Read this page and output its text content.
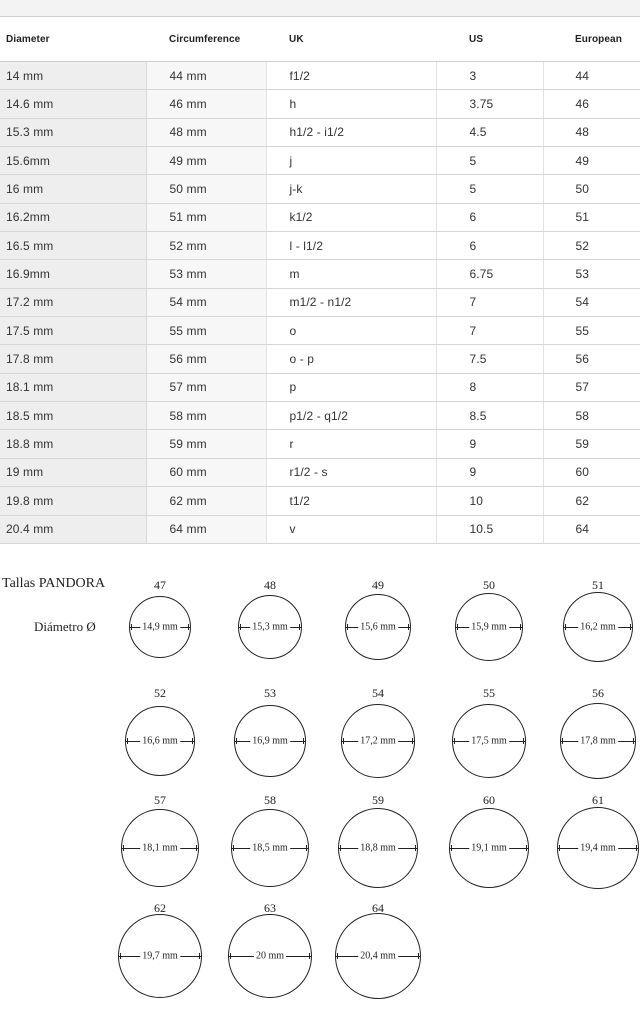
Diameter	Circumference	UK	US	European
14 mm	44 mm	f1/2	3	44
14.6 mm	46 mm	h	3.75	46
15.3 mm	48 mm	h1/2 - i1/2	4.5	48
15.6mm	49 mm	j	5	49
16 mm	50 mm	j-k	5	50
16.2mm	51 mm	k1/2	6	51
16.5 mm	52 mm	l - l1/2	6	52
16.9mm	53 mm	m	6.75	53
17.2 mm	54 mm	m1/2 - n1/2	7	54
17.5 mm	55 mm	o	7	55
17.8 mm	56 mm	o - p	7.5	56
18.1 mm	57 mm	p	8	57
18.5 mm	58 mm	p1/2 - q1/2	8.5	58
18.8 mm	59 mm	r	9	59
19 mm	60 mm	r1/2 - s	9	60
19.8 mm	62 mm	t1/2	10	62
20.4 mm	64 mm	v	10.5	64
Tallas PANDORA
Diámetro Ø
47
14,9 mm
48
15,3 mm
49
15,6 mm
50
15,9 mm
51
16,2 mm
52
16,6 mm
53
16,9 mm
54
17,2 mm
55
17,5 mm
56
17,8 mm
57
18,1 mm
58
18,5 mm
59
18,8 mm
60
19,1 mm
61
19,4 mm
62
19,7 mm
63
20 mm
64
20,4 mm
